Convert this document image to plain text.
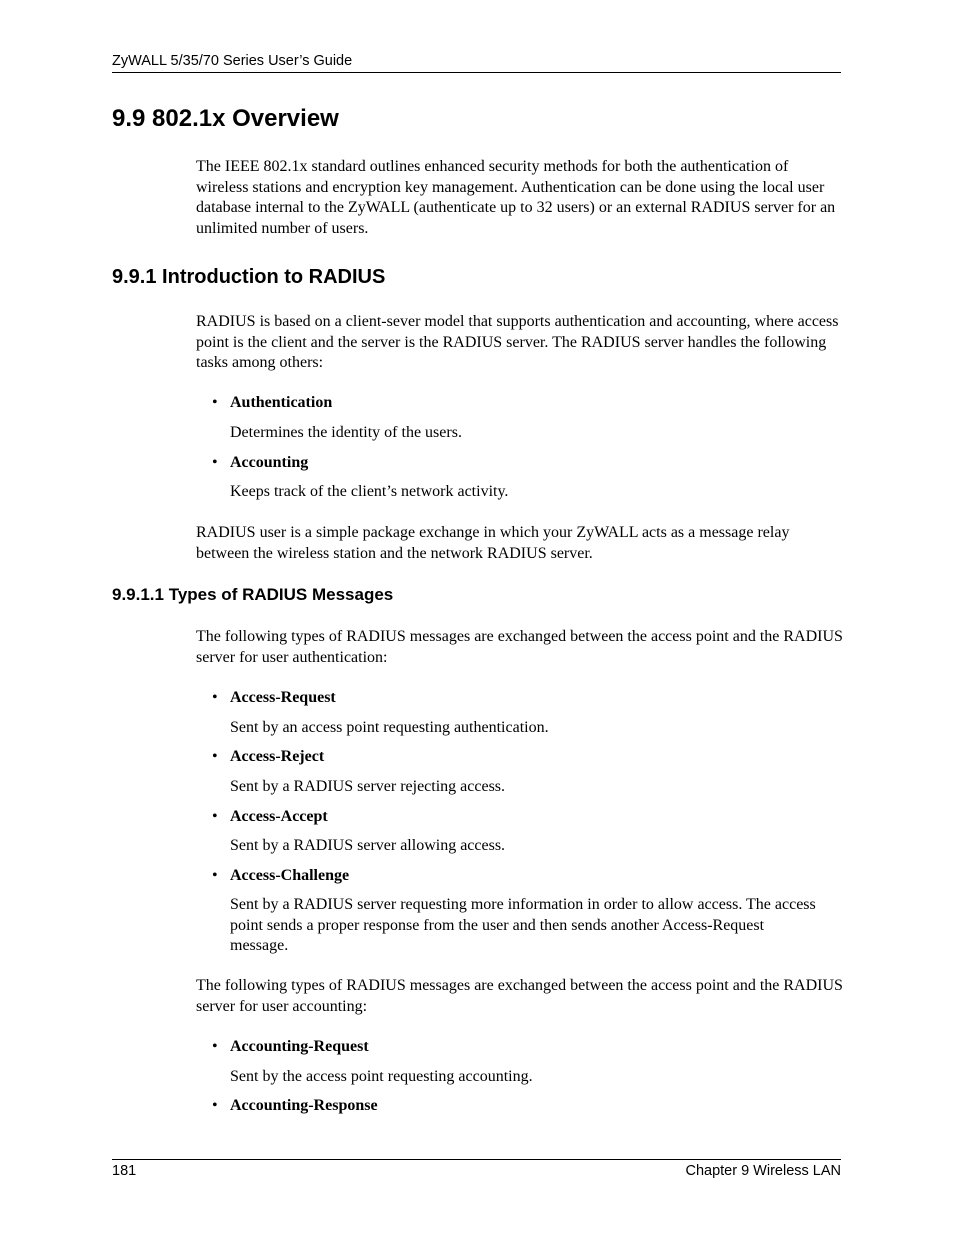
ZyWALL 5/35/70 Series User’s Guide
9.9 802.1x Overview

The IEEE 802.1x standard outlines enhanced security methods for both the authentication of wireless stations and encryption key management. Authentication can be done using the local user database internal to the ZyWALL (authenticate up to 32 users) or an external RADIUS server for an unlimited number of users.

9.9.1 Introduction to RADIUS

RADIUS is based on a client-sever model that supports authentication and accounting, where access point is the client and the server is the RADIUS server. The RADIUS server handles the following tasks among others:

• Authentication

Determines the identity of the users.

• Accounting

Keeps track of the client’s network activity.

RADIUS user is a simple package exchange in which your ZyWALL acts as a message relay between the wireless station and the network RADIUS server.

9.9.1.1 Types of RADIUS Messages

The following types of RADIUS messages are exchanged between the access point and the RADIUS server for user authentication:

• Access-Request

Sent by an access point requesting authentication.

• Access-Reject

Sent by a RADIUS server rejecting access.

• Access-Accept

Sent by a RADIUS server allowing access.

• Access-Challenge

Sent by a RADIUS server requesting more information in order to allow access. The access point sends a proper response from the user and then sends another Access-Request message.

The following types of RADIUS messages are exchanged between the access point and the RADIUS server for user accounting:

• Accounting-Request

Sent by the access point requesting accounting.

• Accounting-Response

181	Chapter 9 Wireless LAN
